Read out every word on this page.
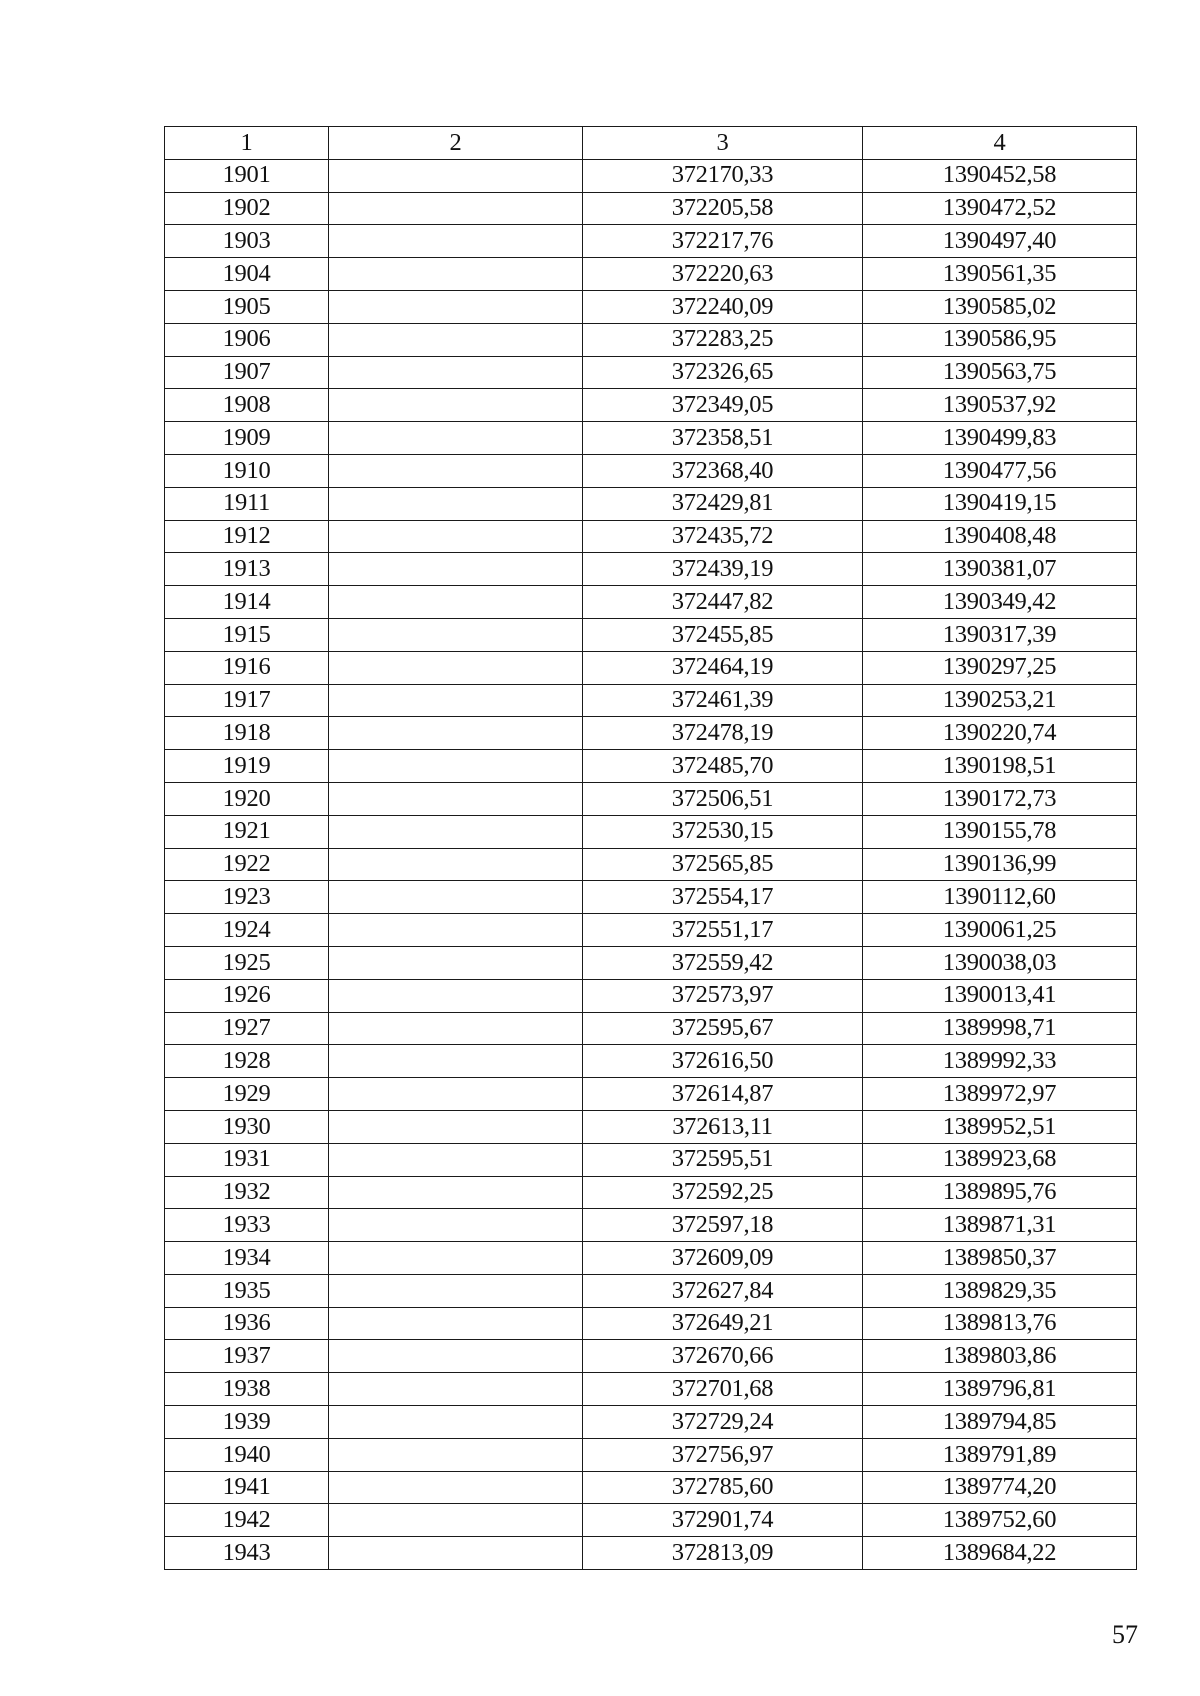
1	2	3	4
1901		372170,33	1390452,58
1902		372205,58	1390472,52
1903		372217,76	1390497,40
1904		372220,63	1390561,35
1905		372240,09	1390585,02
1906		372283,25	1390586,95
1907		372326,65	1390563,75
1908		372349,05	1390537,92
1909		372358,51	1390499,83
1910		372368,40	1390477,56
1911		372429,81	1390419,15
1912		372435,72	1390408,48
1913		372439,19	1390381,07
1914		372447,82	1390349,42
1915		372455,85	1390317,39
1916		372464,19	1390297,25
1917		372461,39	1390253,21
1918		372478,19	1390220,74
1919		372485,70	1390198,51
1920		372506,51	1390172,73
1921		372530,15	1390155,78
1922		372565,85	1390136,99
1923		372554,17	1390112,60
1924		372551,17	1390061,25
1925		372559,42	1390038,03
1926		372573,97	1390013,41
1927		372595,67	1389998,71
1928		372616,50	1389992,33
1929		372614,87	1389972,97
1930		372613,11	1389952,51
1931		372595,51	1389923,68
1932		372592,25	1389895,76
1933		372597,18	1389871,31
1934		372609,09	1389850,37
1935		372627,84	1389829,35
1936		372649,21	1389813,76
1937		372670,66	1389803,86
1938		372701,68	1389796,81
1939		372729,24	1389794,85
1940		372756,97	1389791,89
1941		372785,60	1389774,20
1942		372901,74	1389752,60
1943		372813,09	1389684,22
57
